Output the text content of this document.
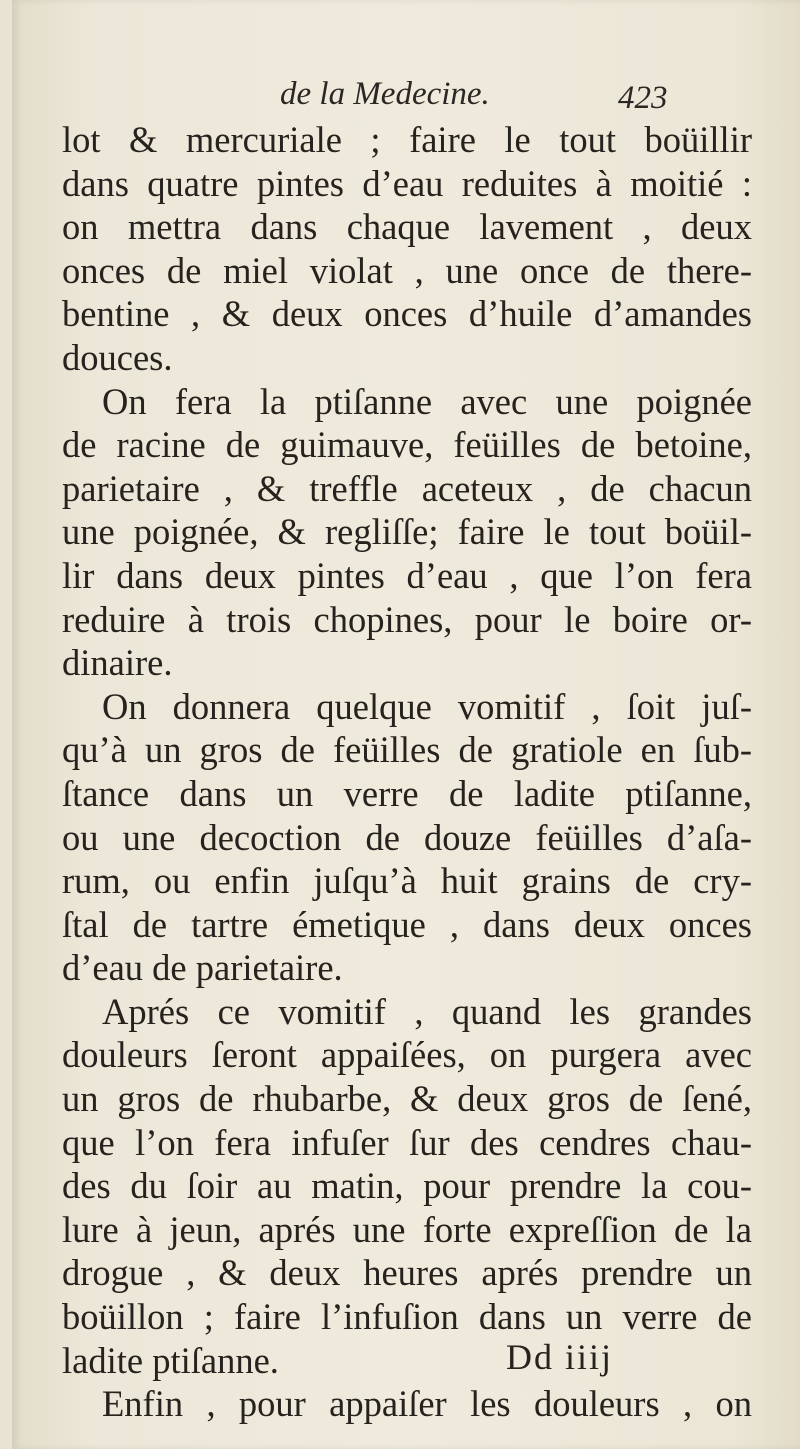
de la Medecine.	423
lot & mercuriale ; faire le tout boüillir
dans quatre pintes d’eau reduites à moitié :
on mettra dans chaque lavement , deux
onces de miel violat , une once de there-
bentine , & deux onces d’huile d’amandes
douces.
On fera la ptiſanne avec une poignée
de racine de guimauve, feüilles de betoine,
parietaire , & treffle aceteux , de chacun
une poignée, & regliſſe; faire le tout boüil-
lir dans deux pintes d’eau , que l’on fera
reduire à trois chopines, pour le boire or-
dinaire.
On donnera quelque vomitif , ſoit juſ-
qu’à un gros de feüilles de gratiole en ſub-
ſtance dans un verre de ladite ptiſanne,
ou une decoction de douze feüilles d’aſa-
rum, ou enfin juſqu’à huit grains de cry-
ſtal de tartre émetique , dans deux onces
d’eau de parietaire.
Aprés ce vomitif , quand les grandes
douleurs ſeront appaiſées, on purgera avec
un gros de rhubarbe, & deux gros de ſené,
que l’on fera infuſer ſur des cendres chau-
des du ſoir au matin, pour prendre la cou-
lure à jeun, aprés une forte expreſſion de la
drogue , & deux heures aprés prendre un
boüillon ; faire l’infuſion dans un verre de
ladite ptiſanne.
Enfin , pour appaiſer les douleurs , on
Dd iiij
